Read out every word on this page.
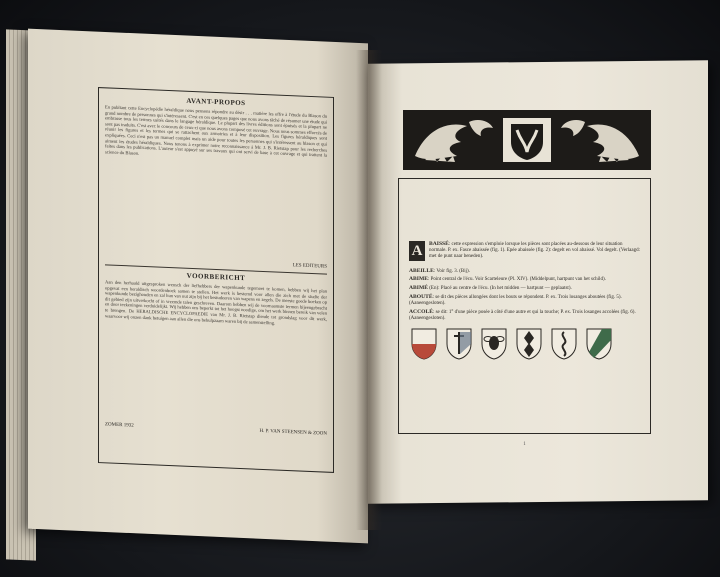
AVANT-PROPOS
En publiant cette Encyclopédie héraldique nous pensons répondre au désir . . . matière les offre à l'étude du Blason du grand nombre de personnes qui s'intéressent. C'est en ces quelques pages que nous avons tâché de résumer une étude qui embrasse tous les termes usités dans le langage héraldique. Le plupart des livres éditions sont épuisés et la plupart ne sont pas traduits. C'est avec le concours de ceux-ci que nous avons composé cet ouvrage. Nous nous sommes efforcés de réunir les figures et les termes qui se rattachent aux armoiries et à leur disposition. Les figures héraldiques sont expliquées. Ceci n'est pas un manuel complet mais un aide pour toutes les personnes qui s'intéressent au blason et qui aiment les études héraldiques. Nous tenons à exprimer notre reconnaissance à Mr. J. B. Rietstap pour les recherches faites dans les publications. L'auteur s'est appuyé sur ses travaux qui ont servi de base à cet ouvrage et qui traitent la science du Blason.
LES EDITEURS
VOORBERICHT
Aan den herhaald uitgesproken wensch der liefhebbers der wapenkunde tegemoet te komen, hebben wij het plan opgevat een heraldisch woordenboek samen te stellen. Het werk is bestemd voor allen die zich met de studie der wapenkunde bezighouden en zal hun van nut zijn bij het bestudeeren van wapens en zegels. De meeste goede boeken op dit gebied zijn uitverkocht of in vreemde talen geschreven. Daarom hebben wij de voornaamste termen bijeengebracht en door teekeningen verduidelijkt. Wij hebben ons beperkt tot het hoogst noodige, om het werk binnen bereik van velen te brengen. De HERALDISCHE ENCYCLOPAEDIE van Mr. J. B. Rietstap diende tot grondslag voor dit werk, waarvoor wij onzen dank betuigen aan allen die ons behulpzaam waren bij de samenstelling.
ZOMER 1932
H. P. VAN STEENSEN & ZOON
A	BAISSÉ: cette expression s'emploie lorsque les pièces sont placées au-dessous de leur situation normale. P. ex. Fasce abaissée (fig. 1). Epée abaissée (fig. 2): degelt en vol abaissé. Vol degelt. (Verlaagd: met de punt naar beneden).
ABEILLE: Voir fig. 3. (Bij).
ABIME: Point central de l'écu. Voir Scarteleure (Pl. XIV). (Middelpunt, hartpunt van het schild).
ABIMÉ (En): Placé au centre de l'écu. (In het midden — hartpunt — geplaatst).
ABOUTÉ: se dit des pièces allongées dont les bouts se répondent. P. ex. Trois losanges aboutées (fig. 5). (Aaneengesloten).
ACCOLÉ: se dit: 1° d'une pièce posée à côté d'une autre et qui la touche; P. ex. Trois losanges accolées (fig. 6). (Aaneengesloten).
1
